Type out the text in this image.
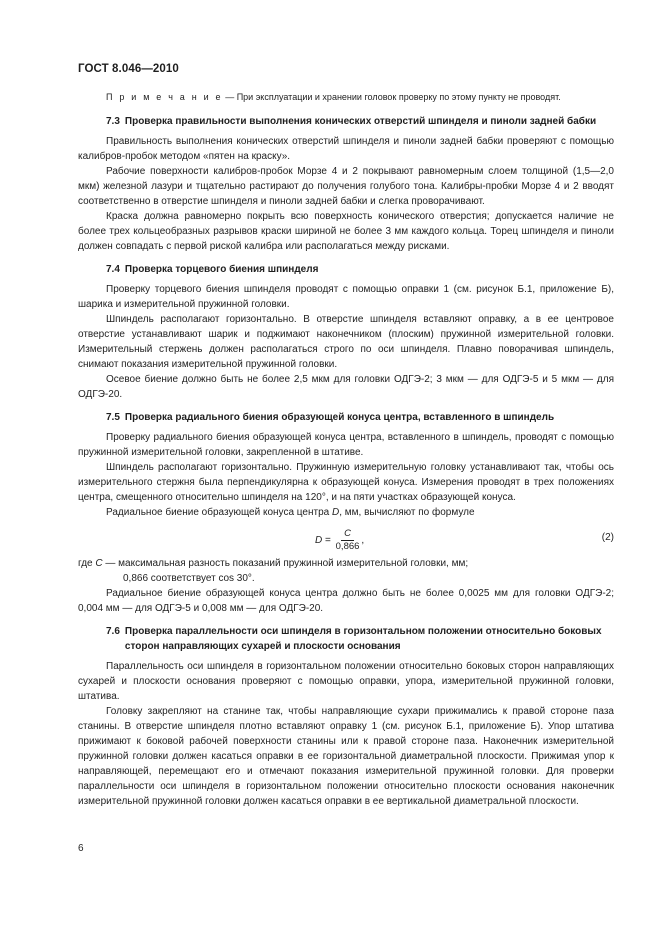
ГОСТ 8.046—2010

П р и м е ч а н и е — При эксплуатации и хранении головок проверку по этому пункту не проводят.

7.3 Проверка правильности выполнения конических отверстий шпинделя и пиноли задней бабки

Правильность выполнения конических отверстий шпинделя и пиноли задней бабки проверяют с помощью калибров-пробок методом «пятен на краску».

Рабочие поверхности калибров-пробок Морзе 4 и 2 покрывают равномерным слоем толщиной (1,5—2,0 мкм) железной лазури и тщательно растирают до получения голубого тона. Калибры-пробки Морзе 4 и 2 вводят соответственно в отверстие шпинделя и пиноли задней бабки и слегка проворачивают.

Краска должна равномерно покрыть всю поверхность конического отверстия; допускается наличие не более трех кольцеобразных разрывов краски шириной не более 3 мм каждого кольца. Торец шпинделя и пиноли должен совпадать с первой риской калибра или располагаться между рисками.

7.4 Проверка торцевого биения шпинделя

Проверку торцевого биения шпинделя проводят с помощью оправки 1 (см. рисунок Б.1, приложение Б), шарика и измерительной пружинной головки.

Шпиндель располагают горизонтально. В отверстие шпинделя вставляют оправку, а в ее центровое отверстие устанавливают шарик и поджимают наконечником (плоским) пружинной измерительной головки. Измерительный стержень должен располагаться строго по оси шпинделя. Плавно поворачивая шпиндель, снимают показания измерительной пружинной головки.

Осевое биение должно быть не более 2,5 мкм для головки ОДГЭ-2; 3 мкм — для ОДГЭ-5 и 5 мкм — для ОДГЭ-20.

7.5 Проверка радиального биения образующей конуса центра, вставленного в шпиндель

Проверку радиального биения образующей конуса центра, вставленного в шпиндель, проводят с помощью пружинной измерительной головки, закрепленной в штативе.

Шпиндель располагают горизонтально. Пружинную измерительную головку устанавливают так, чтобы ось измерительного стержня была перпендикулярна к образующей конуса. Измерения проводят в трех положениях центра, смещенного относительно шпинделя на 120°, и на пяти участках образующей конуса.

Радиальное биение образующей конуса центра D, мм, вычисляют по формуле

$D = \frac{C}{0,866}$ ,	(2)

где C — максимальная разность показаний пружинной измерительной головки, мм;
0,866 соответствует cos 30°.

Радиальное биение образующей конуса центра должно быть не более 0,0025 мм для головки ОДГЭ-2; 0,004 мм — для ОДГЭ-5 и 0,008 мм — для ОДГЭ-20.

7.6 Проверка параллельности оси шпинделя в горизонтальном положении относительно боковых сторон направляющих сухарей и плоскости основания

Параллельность оси шпинделя в горизонтальном положении относительно боковых сторон направляющих сухарей и плоскости основания проверяют с помощью оправки, упора, измерительной пружинной головки, штатива.

Головку закрепляют на станине так, чтобы направляющие сухари прижимались к правой стороне паза станины. В отверстие шпинделя плотно вставляют оправку 1 (см. рисунок Б.1, приложение Б). Упор штатива прижимают к боковой рабочей поверхности станины или к правой стороне паза. Наконечник измерительной пружинной головки должен касаться оправки в ее горизонтальной диаметральной плоскости. Прижимая упор к направляющей, перемещают его и отмечают показания измерительной пружинной головки. Для проверки параллельности оси шпинделя в горизонтальном положении относительно плоскости основания наконечник измерительной пружинной головки должен касаться оправки в ее вертикальной диаметральной плоскости.

6
